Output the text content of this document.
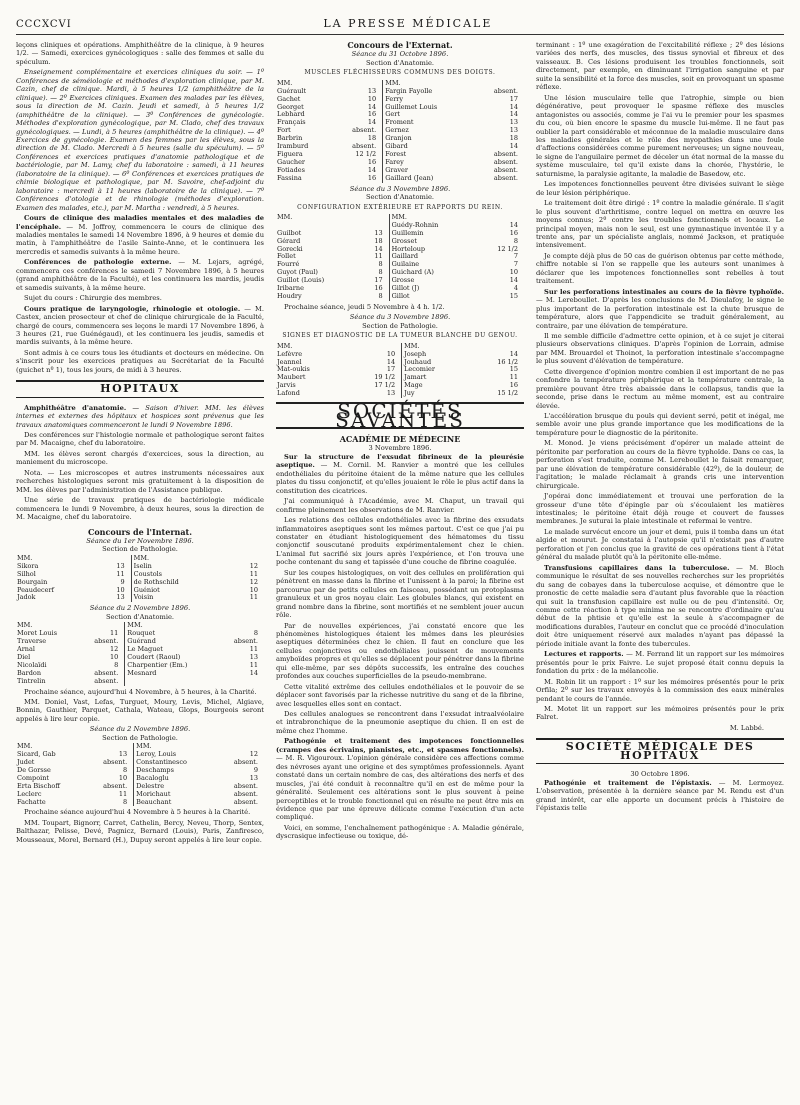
CCCXCVI	LA PRESSE MÉDICALE

leçons cliniques et opérations. Amphithéâtre de la clinique, à 9 heures 1/2. — Samedi, exercices gynécologiques : salle des femmes et salle du spéculum.

Enseignement complémentaire et exercices cliniques du soir. — 1º Conférences de séméiologie et méthodes d'exploration clinique, par M. Cazin, chef de clinique. Mardi, à 5 heures 1/2 (amphithéâtre de la clinique). — 2º Exercices cliniques. Examen des malades par les élèves, sous la direction de M. Cazin. Jeudi et samedi, à 5 heures 1/2 (amphithéâtre de la clinique). — 3º Conférences de gynécologie. Méthodes d'exploration gynécologique, par M. Clado, chef des travaux gynécologiques. — Lundi, à 5 heures (amphithéâtre de la clinique). — 4º Exercices de gynécologie. Examen des femmes par les élèves, sous la direction de M. Clado. Mercredi à 5 heures (salle du spéculum). — 5º Conférences et exercices pratiques d'anatomie pathologique et de bactériologie, par M. Lamy, chef du laboratoire : samedi, à 11 heures (laboratoire de la clinique). — 6º Conférences et exercices pratiques de chimie biologique et pathologique, par M. Savoire, chef-adjoint du laboratoire : mercredi à 11 heures (laboratoire de la clinique). — 7º Conférences d'otologie et de rhinologie (méthodes d'exploration. Examen des malades, etc.), par M. Martha : vendredi, à 5 heures.

Cours de clinique des maladies mentales et des maladies de l'encéphale. — M. Joffroy, commencera le cours de clinique des maladies mentales le samedi 14 Novembre 1896, à 9 heures et demie du matin, à l'amphithéâtre de l'asile Sainte-Anne, et le continuera les mercredis et samedis suivants à la même heure.

Conférences de pathologie externe. — M. Lejars, agrégé, commencera ces conférences le samedi 7 Novembre 1896, à 5 heures (grand amphithéâtre de la Faculté), et les continuera les mardis, jeudis et samedis suivants, à la même heure.

Sujet du cours : Chirurgie des membres.

Cours pratique de laryngologie, rhinologie et otologie. — M. Castex, ancien prosecteur et chef de clinique chirurgicale de la Faculté, chargé de cours, commencera ses leçons le mardi 17 Novembre 1896, à 3 heures (21, rue Guénégaud), et les continuera les jeudis, samedis et mardis suivants, à la même heure.

Sont admis à ce cours tous les étudiants et docteurs en médecine. On s'inscrit pour les exercices pratiques au Secrétariat de la Faculté (guichet nº 1), tous les jours, de midi à 3 heures.

HOPITAUX

Amphithéâtre d'anatomie. — Saison d'hiver. MM. les élèves internes et externes des hôpitaux et hospices sont prévenus que les travaux anatomiques commenceront le lundi 9 Novembre 1896.

Des conférences sur l'histologie normale et pathologique seront faites par M. Macaigne, chef du laboratoire.

MM. les élèves seront chargés d'exercices, sous la direction, au maniement du microscope.

Nota. — Les microscopes et autres instruments nécessaires aux recherches histologiques seront mis gratuitement à la disposition de MM. les élèves par l'administration de l'Assistance publique.

Une série de travaux pratiques de bactériologie médicale commencera le lundi 9 Novembre, à deux heures, sous la direction de M. Macaigne, chef du laboratoire.

Concours de l'Internat.
Séance du 1er Novembre 1896.
Section de Pathologie.
MM.			MM.	
Sikora	13		Iselin	12
Silhol	11		Coustols	11
Bourgain	9		de Rothschild	12
Peaudecerf	10		Guéniot	10
Jadok	13		Voisin	11
Séance du 2 Novembre 1896.
Section d'Anatomie.
MM.			MM.	
Moret Louis	11		Rouquet	8
Traverse	absent.		Guérand	absent.
Arnal	12		Le Maguet	11
Diel	10		Coudert (Raoul)	13
Nicolaïdi	8		Charpentier (Em.)	11
Bardon	absent.		Mesnard	14
Tintrelin	absent.			

Prochaine séance, aujourd'hui 4 Novembre, à 5 heures, à la Charité.

MM. Doniel, Vast, Lefas, Turguet, Moury, Levis, Michel, Algiave, Bonnin, Gauthier, Parquet, Cathala, Wateau, Glops, Bourgeois seront appelés à lire leur copie.

Séance du 2 Novembre 1896.
Section de Pathologie.
MM.			MM.	
Sicard, Gab	13		Leroy, Louis	12
Judet	absent.		Constantinesco	absent.
De Gorsse	8		Deschamps	9
Compoint	10		Bacaloglu	13
Erta Bischoff	absent.		Delestre	absent.
Leclerc	11		Morichaut	absent.
Fachatte	8		Beauchant	absent.

Prochaine séance aujourd'hui 4 Novembre à 5 heures à la Charité.

MM. Toupart, Bignorr, Carret, Cathelin, Bercy, Neveu, Thorp, Sentex, Balthazar, Pelisse, Devé, Pagnicz, Bernard (Louis), Paris, Zanfiresco, Mousseaux, Morel, Bernard (H.), Dupuy seront appelés à lire leur copie.

Concours de l'Externat.
Séance du 31 Octobre 1896.
Section d'Anatomie.
MUSCLES FLÉCHISSEURS COMMUNS DES DOIGTS.
MM.			MM.	
Guérault	13		Fargin Fayolle	absent.
Gachet	10		Ferry	17
Georget	14		Guillemet Louis	14
Lebhard	16		Gert	14
Français	14		Froment	13
Fort	absent.		Gernez	13
Barbrin	18		Granjon	18
Iramburd	absent.		Gibard	14
Figuera	12 1/2		Forest	absent.
Gaucher	16		Farey	absent.
Fotiades	14		Graver	absent.
Fassina	16		Gaillard (Jean)	absent.
Séance du 3 Novembre 1896.
Section d'Anatomie.
CONFIGURATION EXTÉRIEURE ET RAPPORTS DU REIN.
MM.			MM.	
			Guédy-Rohnin	14
Guilbot	13		Guillemin	16
Gérard	18		Grosset	8
Gorecki	14		Horteloup	12 1/2
Follet	11		Gaillard	7
Fourré	8		Guilaine	7
Guyot (Paul)	8		Guichard (A)	10
Guillot (Louis)	17		Grosse	14
Iribarne	16		Gillot (J)	4
Houdry	8		Gillot	15

Prochaine séance, jeudi 5 Novembre à 4 h. 1/2.

Séance du 3 Novembre 1896.
Section de Pathologie.
SIGNES ET DIAGNOSTIC DE LA TUMEUR BLANCHE DU GENOU.
MM.			MM.	
Lefèvre	10		Joseph	14
Jeannel	14		Jouhaud	16 1/2
Mat-oukis	17		Lecomier	15
Maubert	19 1/2		Jamart	11
Jarvis	17 1/2		Mage	16
Lafond	13		Juy	15 1/2
SOCIÉTÉS SAVANTES
ACADÉMIE DE MÉDECINE
3 Novembre 1896.

Sur la structure de l'exsudat fibrineux de la pleurésie aseptique. — M. Cornil. M. Ranvier a montré que les cellules endothéliales du péritoine étaient de la même nature que les cellules plates du tissu conjonctif, et qu'elles jouaient le rôle le plus actif dans la constitution des cicatrices.

J'ai communiqué à l'Académie, avec M. Chaput, un travail qui confirme pleinement les observations de M. Ranvier.

Les relations des cellules endothéliales avec la fibrine des exsudats inflammatoires aseptiques sont les mêmes partout. C'est ce que j'ai pu constater en étudiant histologiquement des hématomes du tissu conjonctif souscutané produits expérimentalement chez le chien. L'animal fut sacrifié six jours après l'expérience, et l'on trouva une poche contenant du sang et tapissée d'une couche de fibrine coagulée.

Sur les coupes histologiques, on voit des cellules en prolifération qui pénètrent en masse dans la fibrine et l'unissent à la paroi; la fibrine est parcourue par de petits cellules en faisceau, possédant un protoplasma granuleux et un gros noyau clair. Les globules blancs, qui existent en grand nombre dans la fibrine, sont mortifiés et ne semblent jouer aucun rôle.

Par de nouvelles expériences, j'ai constaté encore que les phénomènes histologiques étaient les mêmes dans les pleurésies aseptiques déterminées chez le chien. Il faut en conclure que les cellules conjonctives ou endothéliales jouissent de mouvements amyboïdes propres et qu'elles se déplacent pour pénétrer dans la fibrine qui elle-même, par ses dépôts successifs, les entraîne des couches profondes aux couches superficielles de la pseudo-membrane.

Cette vitalité extrême des cellules endothéliales et le pouvoir de se déplacer sont favorisés par la richesse nutritive du sang et de la fibrine, avec lesquelles elles sont en contact.

Des cellules analogues se rencontrent dans l'exsudat intraalvéolaire et intrabronchique de la pneumonie aseptique du chien. Il en est de même chez l'homme.

Pathogénie et traitement des impotences fonctionnelles (crampes des écrivains, pianistes, etc., et spasmes fonctionnels). — M. R. Vigouroux. L'opinion générale considère ces affections comme des névroses ayant une origine et des symptômes professionnels. Ayant constaté dans un certain nombre de cas, des altérations des nerfs et des muscles, j'ai été conduit à reconnaître qu'il en est de même pour la généralité. Seulement ces altérations sont le plus souvent à peine perceptibles et le trouble fonctionnel qui en résulte ne peut être mis en évidence que par une épreuve délicate comme l'exécution d'un acte compliqué.

Voici, en somme, l'enchaînement pathogénique : A. Maladie générale, dyscrasique infectieuse ou toxique, dé-

terminant : 1º une exagération de l'excitabilité réflexe ; 2º des lésions variées des nerfs, des muscles, des tissus synovial et fibreux et des vaisseaux. B. Ces lésions produisent les troubles fonctionnels, soit directement, par exemple, en diminuant l'irrigation sanguine et par suite la sensibilité et la force des muscles, soit en provoquant un spasme réflexe.

Une lésion musculaire telle que l'atrophie, simple ou bien dégénérative, peut provoquer le spasme réflexe des muscles antagonistes ou associés, comme je l'ai vu le premier pour les spasmes du cou, où bien encore le spasme du muscle lui-même. Il ne faut pas oublier la part considérable et méconnue de la maladie musculaire dans les maladies générales et le rôle des myopathies dans une foule d'affections considérées comme purement nerveuses; un signe nouveau, le signe de l'anguilaire permet de déceler un état normal de la masse du système musculaire, tel qu'il existe dans la chorée, l'hystérie, le saturnisme, la paralysie agitante, la maladie de Basedow, etc.

Les impotences fonctionnelles peuvent être divisées suivant le siège de leur lésion périphérique.

Le traitement doit être dirigé : 1º contre la maladie générale. Il s'agit le plus souvent d'arthritisme, contre lequel on mettra en œuvre les moyens connus; 2º contre les troubles fonctionnels et locaux. Le principal moyen, mais non le seul, est une gymnastique inventée il y a trente ans, par un spécialiste anglais, nommé Jackson, et pratiquée intensivement.

Je compte déjà plus de 50 cas de guérison obtenus par cette méthode, chiffre notable si l'on se rappelle que les auteurs sont unanimes à déclarer que les impotences fonctionnelles sont rebelles à tout traitement.

Sur les perforations intestinales au cours de la fièvre typhoïde. — M. Lereboullet. D'après les conclusions de M. Dieulafoy, le signe le plus important de la perforation intestinale est la chute brusque de température, alors que l'appendicite se traduit généralement, au contraire, par une élévation de température.

Il me semble difficile d'admettre cette opinion, et à ce sujet je citerai plusieurs observations cliniques. D'après l'opinion de Lorrain, admise par MM. Brouardel et Thoinot, la perforation intestinale s'accompagne le plus souvent d'élévation de température.

Cette divergence d'opinion montre combien il est important de ne pas confondre la température périphérique et la température centrale, la première pouvant être très abaissée dans le collapsus, tandis que la seconde, prise dans le rectum au même moment, est au contraire élevée.

L'accélération brusque du pouls qui devient serré, petit et inégal, me semble avoir une plus grande importance que les modifications de la température pour le diagnostic de la péritonite.

M. Monod. Je viens précisément d'opérer un malade atteint de péritonite par perforation au cours de la fièvre typhoïde. Dans ce cas, la perforation s'est traduite, comme M. Lereboullet le faisait remarquer, par une élévation de température considérable (42º), de la douleur, de l'agitation; le malade réclamait à grands cris une intervention chirurgicale.

J'opérai donc immédiatement et trouvai une perforation de la grosseur d'une tête d'épingle par où s'écoulaient les matières intestinales; le péritoine était déjà rouge et couvert de fausses membranes. Je suturai la plaie intestinale et refermai le ventre.

Le malade survécut encore un jour et demi, puis il tomba dans un état algide et mourut. Je constatai à l'autopsie qu'il n'existait pas d'autre perforation et j'en conclus que la gravité de ces opérations tient à l'état général du malade plutôt qu'à la péritonite elle-même.

Transfusions capillaires dans la tuberculose. — M. Bloch communique le résultat de ses nouvelles recherches sur les propriétés du sang de cobayes dans la tuberculose acquise, et démontre que le pronostic de cette maladie sera d'autant plus favorable que la réaction qui suit la transfusion capillaire est nulle ou de peu d'intensité. Or, comme cette réaction à type minima ne se rencontre d'ordinaire qu'au début de la phtisie et qu'elle est la seule à s'accompagner de modifications durables, l'auteur en conclut que ce procédé d'inoculation doit être uniquement réservé aux malades n'ayant pas dépassé la période initiale avant la fonte des tubercules.

Lectures et rapports. — M. Ferrand lit un rapport sur les mémoires présentés pour le prix Faivre. Le sujet proposé était connu depuis la fondation du prix : de la mélancolie.

M. Robin lit un rapport : 1º sur les mémoires présentés pour le prix Orfila; 2º sur les travaux envoyés à la commission des eaux minérales pendant le cours de l'année.

M. Motet lit un rapport sur les mémoires présentés pour le prix Falret.

M. Labbé.
SOCIÉTÉ MÉDICALE DES HOPITAUX
30 Octobre 1896.

Pathogénie et traitement de l'épistaxis. — M. Lermoyez. L'observation, présentée à la dernière séance par M. Rendu est d'un grand intérêt, car elle apporte un document précis à l'histoire de l'épistaxis telle
